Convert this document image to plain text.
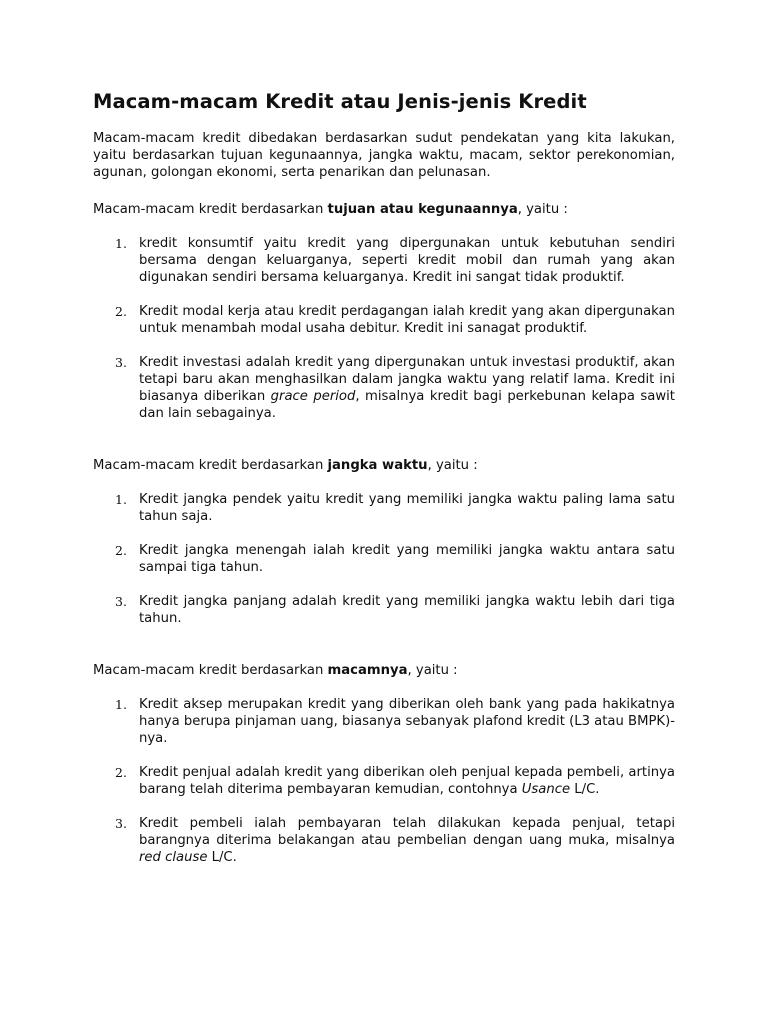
Macam-macam Kredit atau Jenis-jenis Kredit

Macam-macam kredit dibedakan berdasarkan sudut pendekatan yang kita lakukan, yaitu berdasarkan tujuan kegunaannya, jangka waktu, macam, sektor perekonomian, agunan, golongan ekonomi, serta penarikan dan pelunasan.

Macam-macam kredit berdasarkan tujuan atau kegunaannya, yaitu :

1. kredit konsumtif yaitu kredit yang dipergunakan untuk kebutuhan sendiri bersama dengan keluarganya, seperti kredit mobil dan rumah yang akan digunakan sendiri bersama keluarganya. Kredit ini sangat tidak produktif.
2. Kredit modal kerja atau kredit perdagangan ialah kredit yang akan dipergunakan untuk menambah modal usaha debitur. Kredit ini sanagat produktif.
3. Kredit investasi adalah kredit yang dipergunakan untuk investasi produktif, akan tetapi baru akan menghasilkan dalam jangka waktu yang relatif lama. Kredit ini biasanya diberikan grace period, misalnya kredit bagi perkebunan kelapa sawit dan lain sebagainya.

Macam-macam kredit berdasarkan jangka waktu, yaitu :

1. Kredit jangka pendek yaitu kredit yang memiliki jangka waktu paling lama satu tahun saja.
2. Kredit jangka menengah ialah kredit yang memiliki jangka waktu antara satu sampai tiga tahun.
3. Kredit jangka panjang adalah kredit yang memiliki jangka waktu lebih dari tiga tahun.

Macam-macam kredit berdasarkan macamnya, yaitu :

1. Kredit aksep merupakan kredit yang diberikan oleh bank yang pada hakikatnya hanya berupa pinjaman uang, biasanya sebanyak plafond kredit (L3 atau BMPK)-nya.
2. Kredit penjual adalah kredit yang diberikan oleh penjual kepada pembeli, artinya barang telah diterima pembayaran kemudian, contohnya Usance L/C.
3. Kredit pembeli ialah pembayaran telah dilakukan kepada penjual, tetapi barangnya diterima belakangan atau pembelian dengan uang muka, misalnya red clause L/C.
